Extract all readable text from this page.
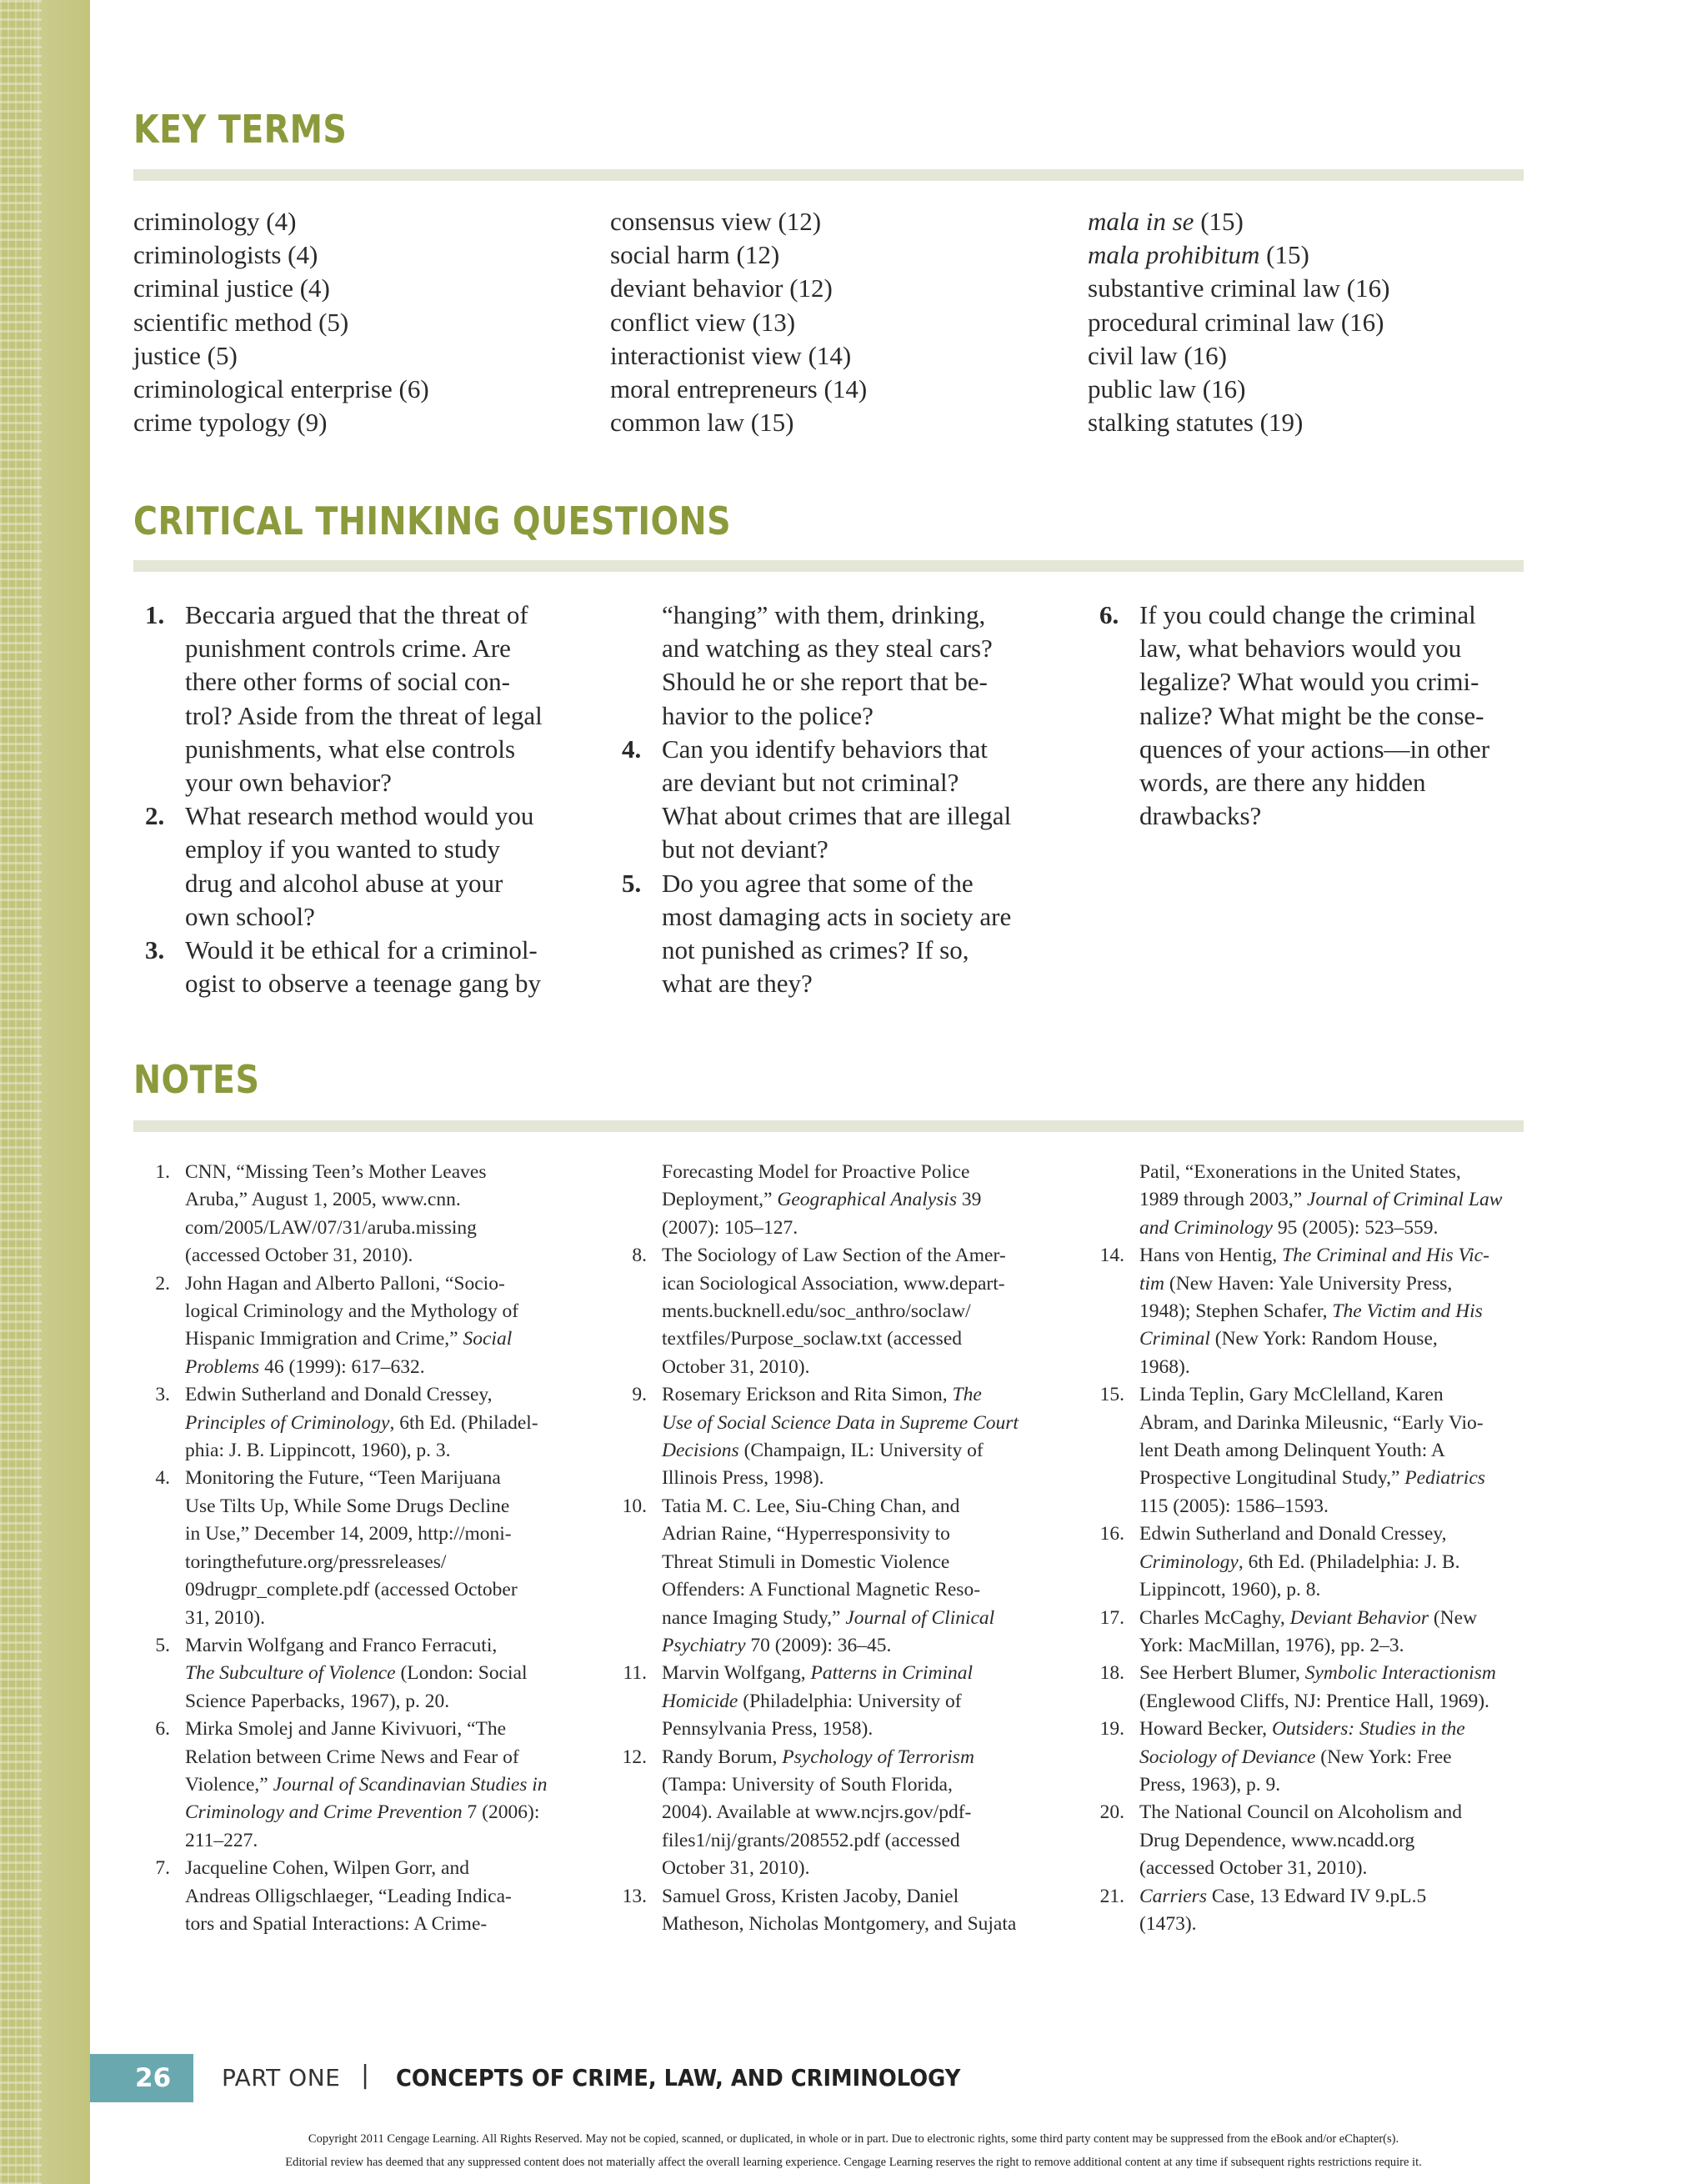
KEY TERMS
criminology (4)
criminologists (4)
criminal justice (4)
scientific method (5)
justice (5)
criminological enterprise (6)
crime typology (9)
consensus view (12)
social harm (12)
deviant behavior (12)
conflict view (13)
interactionist view (14)
moral entrepreneurs (14)
common law (15)
mala in se (15)
mala prohibitum (15)
substantive criminal law (16)
procedural criminal law (16)
civil law (16)
public law (16)
stalking statutes (19)
CRITICAL THINKING QUESTIONS
1. Beccaria argued that the threat of
punishment controls crime. Are
there other forms of social con-
trol? Aside from the threat of legal
punishments, what else controls
your own behavior?
2. What research method would you
employ if you wanted to study
drug and alcohol abuse at your
own school?
3. Would it be ethical for a criminol-
ogist to observe a teenage gang by
“hanging” with them, drinking,
and watching as they steal cars?
Should he or she report that be-
havior to the police?
4. Can you identify behaviors that
are deviant but not criminal?
What about crimes that are illegal
but not deviant?
5. Do you agree that some of the
most damaging acts in society are
not punished as crimes? If so,
what are they?
6. If you could change the criminal
law, what behaviors would you
legalize? What would you crimi-
nalize? What might be the conse-
quences of your actions—in other
words, are there any hidden
drawbacks?
NOTES
1. CNN, “Missing Teen’s Mother Leaves
Aruba,” August 1, 2005, www.cnn.
com/2005/LAW/07/31/aruba.missing
(accessed October 31, 2010).
2. John Hagan and Alberto Palloni, “Socio-
logical Criminology and the Mythology of
Hispanic Immigration and Crime,” Social
Problems 46 (1999): 617–632.
3. Edwin Sutherland and Donald Cressey,
Principles of Criminology, 6th Ed. (Philadel-
phia: J. B. Lippincott, 1960), p. 3.
4. Monitoring the Future, “Teen Marijuana
Use Tilts Up, While Some Drugs Decline
in Use,” December 14, 2009, http://moni-
toringthefuture.org/pressreleases/
09drugpr_complete.pdf (accessed October
31, 2010).
5. Marvin Wolfgang and Franco Ferracuti,
The Subculture of Violence (London: Social
Science Paperbacks, 1967), p. 20.
6. Mirka Smolej and Janne Kivivuori, “The
Relation between Crime News and Fear of
Violence,” Journal of Scandinavian Studies in
Criminology and Crime Prevention 7 (2006):
211–227.
7. Jacqueline Cohen, Wilpen Gorr, and
Andreas Olligschlaeger, “Leading Indica-
tors and Spatial Interactions: A Crime-
Forecasting Model for Proactive Police
Deployment,” Geographical Analysis 39
(2007): 105–127.
8. The Sociology of Law Section of the Amer-
ican Sociological Association, www.depart-
ments.bucknell.edu/soc_anthro/soclaw/
textfiles/Purpose_soclaw.txt (accessed
October 31, 2010).
9. Rosemary Erickson and Rita Simon, The
Use of Social Science Data in Supreme Court
Decisions (Champaign, IL: University of
Illinois Press, 1998).
10. Tatia M. C. Lee, Siu-Ching Chan, and
Adrian Raine, “Hyperresponsivity to
Threat Stimuli in Domestic Violence
Offenders: A Functional Magnetic Reso-
nance Imaging Study,” Journal of Clinical
Psychiatry 70 (2009): 36–45.
11. Marvin Wolfgang, Patterns in Criminal
Homicide (Philadelphia: University of
Pennsylvania Press, 1958).
12. Randy Borum, Psychology of Terrorism
(Tampa: University of South Florida,
2004). Available at www.ncjrs.gov/pdf-
files1/nij/grants/208552.pdf (accessed
October 31, 2010).
13. Samuel Gross, Kristen Jacoby, Daniel
Matheson, Nicholas Montgomery, and Sujata
Patil, “Exonerations in the United States,
1989 through 2003,” Journal of Criminal Law
and Criminology 95 (2005): 523–559.
14. Hans von Hentig, The Criminal and His Vic-
tim (New Haven: Yale University Press,
1948); Stephen Schafer, The Victim and His
Criminal (New York: Random House,
1968).
15. Linda Teplin, Gary McClelland, Karen
Abram, and Darinka Mileusnic, “Early Vio-
lent Death among Delinquent Youth: A
Prospective Longitudinal Study,” Pediatrics
115 (2005): 1586–1593.
16. Edwin Sutherland and Donald Cressey,
Criminology, 6th Ed. (Philadelphia: J. B.
Lippincott, 1960), p. 8.
17. Charles McCaghy, Deviant Behavior (New
York: MacMillan, 1976), pp. 2–3.
18. See Herbert Blumer, Symbolic Interactionism
(Englewood Cliffs, NJ: Prentice Hall, 1969).
19. Howard Becker, Outsiders: Studies in the
Sociology of Deviance (New York: Free
Press, 1963), p. 9.
20. The National Council on Alcoholism and
Drug Dependence, www.ncadd.org
(accessed October 31, 2010).
21. Carriers Case, 13 Edward IV 9.pL.5
(1473).
26	PART ONE | CONCEPTS OF CRIME, LAW, AND CRIMINOLOGY
Copyright 2011 Cengage Learning. All Rights Reserved. May not be copied, scanned, or duplicated, in whole or in part. Due to electronic rights, some third party content may be suppressed from the eBook and/or eChapter(s).
Editorial review has deemed that any suppressed content does not materially affect the overall learning experience. Cengage Learning reserves the right to remove additional content at any time if subsequent rights restrictions require it.
